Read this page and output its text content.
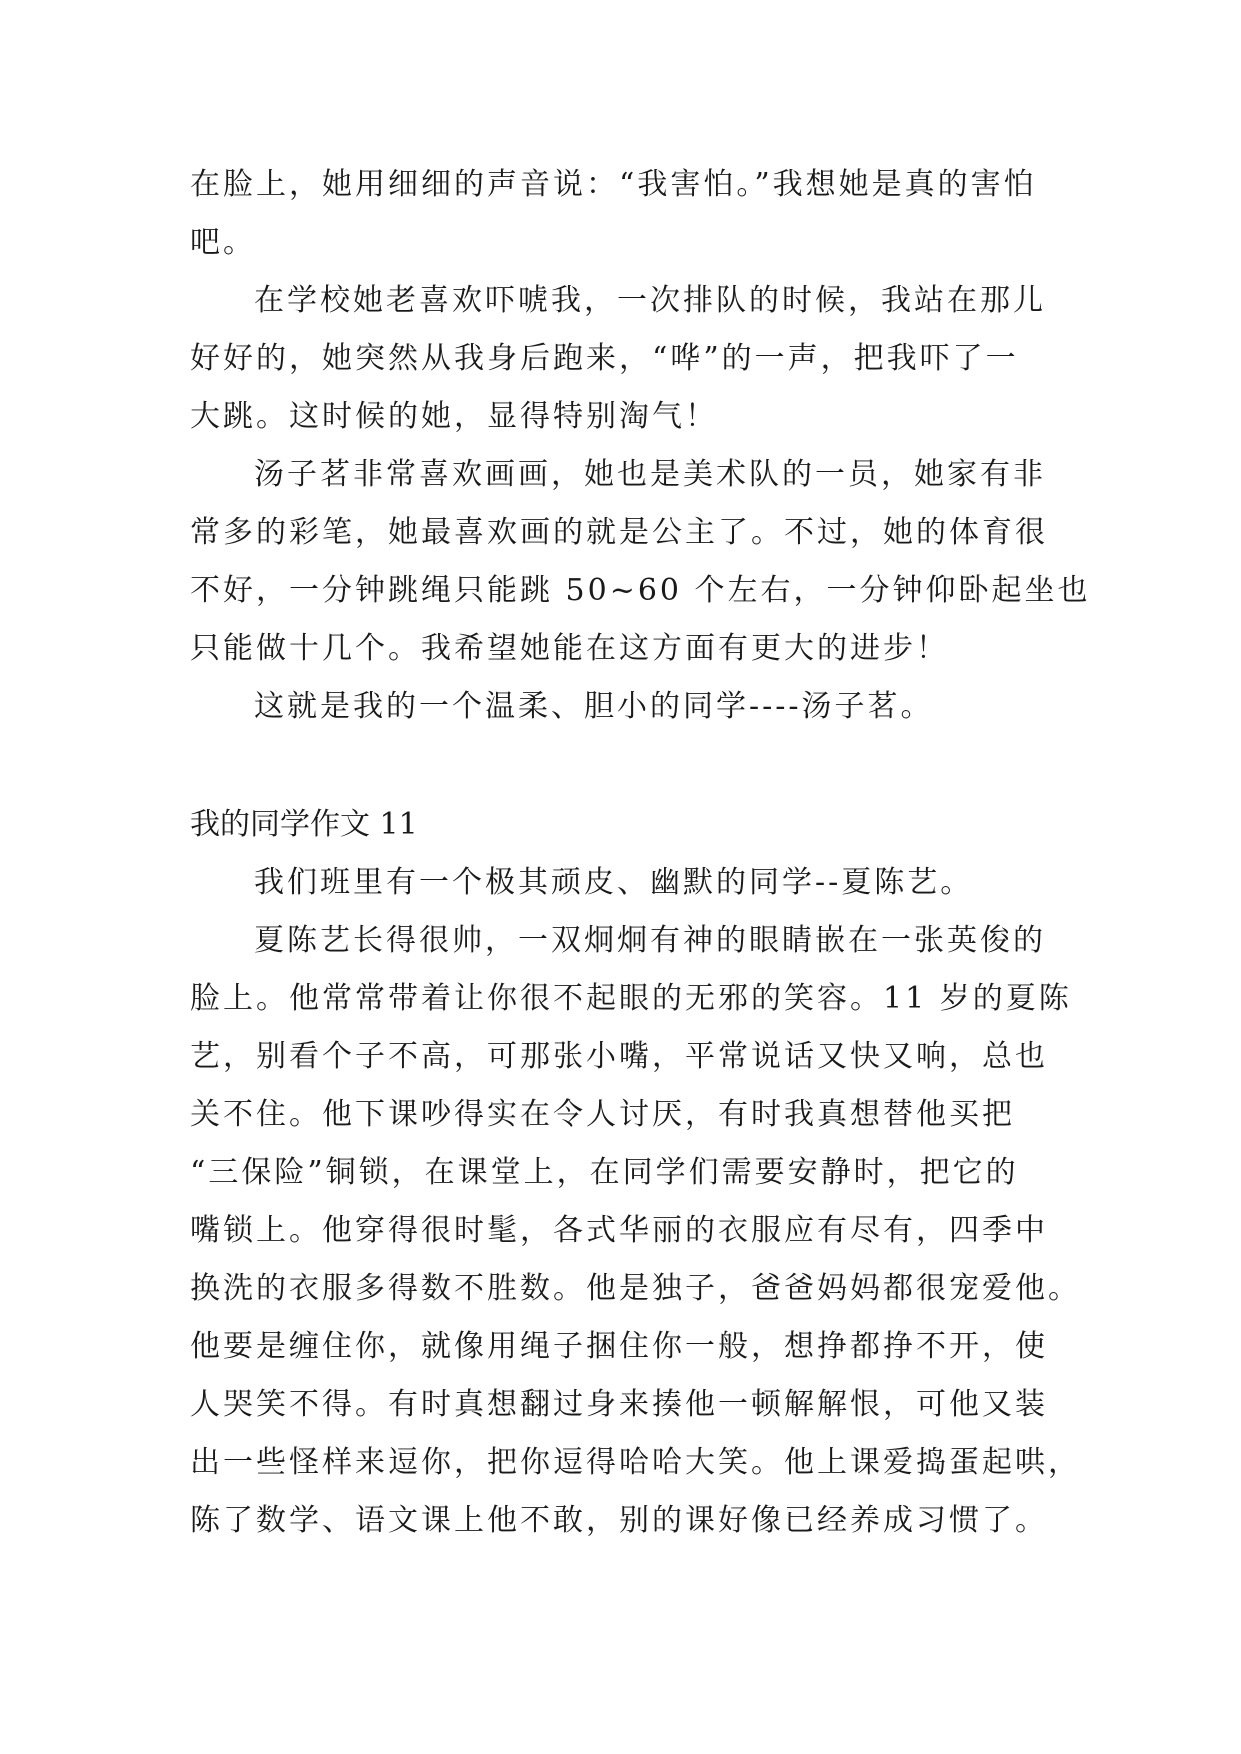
在脸上，她用细细的声音说：“我害怕。”我想她是真的害怕
吧。
在学校她老喜欢吓唬我，一次排队的时候，我站在那儿
好好的，她突然从我身后跑来，“哗”的一声，把我吓了一
大跳。这时候的她，显得特别淘气！
汤子茗非常喜欢画画，她也是美术队的一员，她家有非
常多的彩笔，她最喜欢画的就是公主了。不过，她的体育很
不好，一分钟跳绳只能跳 50~60 个左右，一分钟仰卧起坐也
只能做十几个。我希望她能在这方面有更大的进步！
这就是我的一个温柔、胆小的同学----汤子茗。
我的同学作文 11
我们班里有一个极其顽皮、幽默的同学--夏陈艺。
夏陈艺长得很帅，一双炯炯有神的眼睛嵌在一张英俊的
脸上。他常常带着让你很不起眼的无邪的笑容。11 岁的夏陈
艺，别看个子不高，可那张小嘴，平常说话又快又响，总也
关不住。他下课吵得实在令人讨厌，有时我真想替他买把
“三保险”铜锁，在课堂上，在同学们需要安静时，把它的
嘴锁上。他穿得很时髦，各式华丽的衣服应有尽有，四季中
换洗的衣服多得数不胜数。他是独子，爸爸妈妈都很宠爱他。
他要是缠住你，就像用绳子捆住你一般，想挣都挣不开，使
人哭笑不得。有时真想翻过身来揍他一顿解解恨，可他又装
出一些怪样来逗你，把你逗得哈哈大笑。他上课爱捣蛋起哄，
陈了数学、语文课上他不敢，别的课好像已经养成习惯了。
